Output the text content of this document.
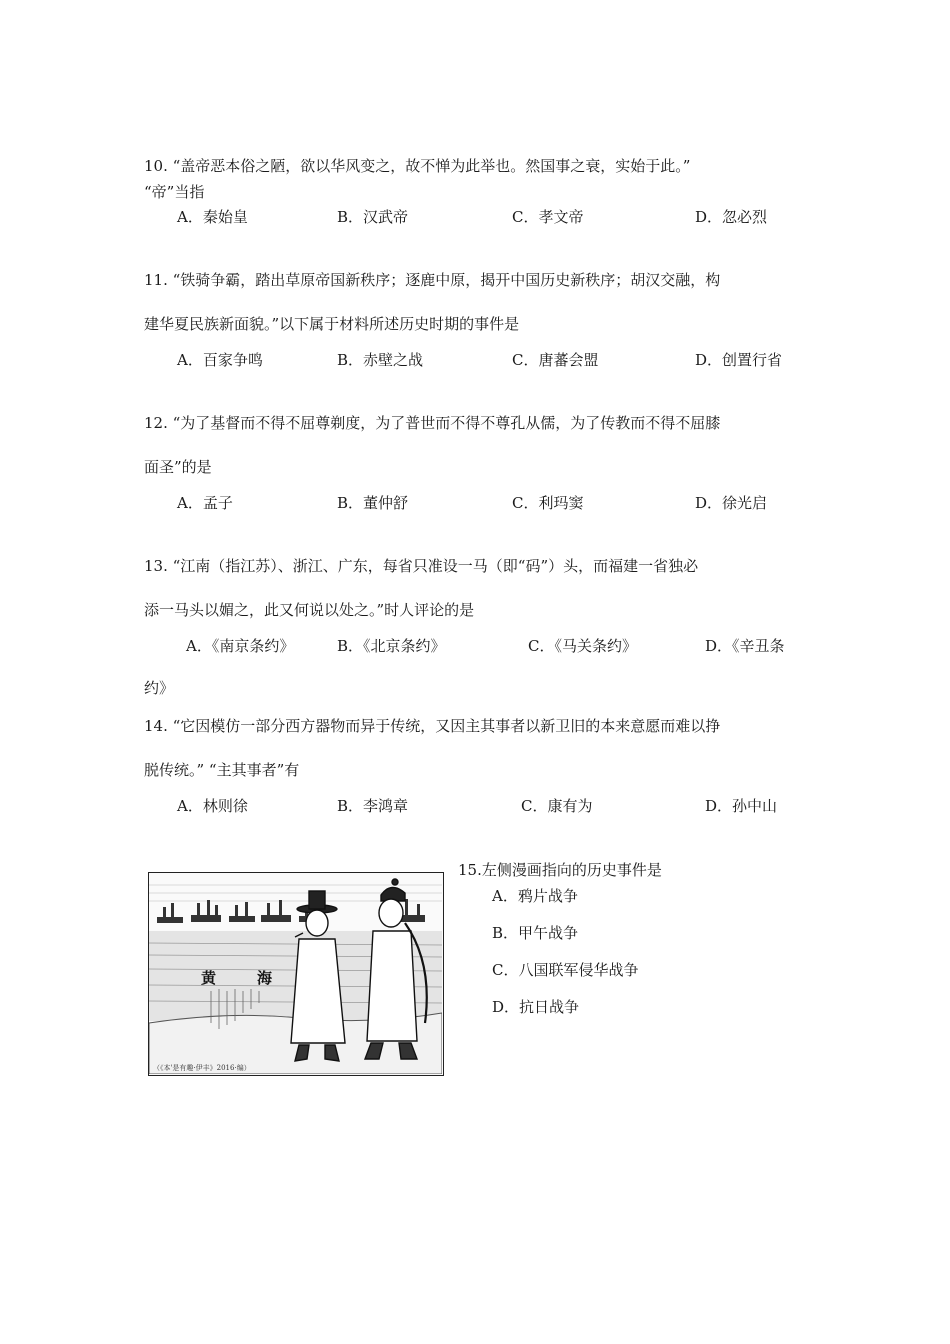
10. “盖帝恶本俗之陋，欲以华风变之，故不惮为此举也。然国事之衰，实始于此。”
“帝”当指
A．秦始皇	B．汉武帝	C．孝文帝	D．忽必烈
11. “铁骑争霸，踏出草原帝国新秩序；逐鹿中原，揭开中国历史新秩序；胡汉交融，构
建华夏民族新面貌。”以下属于材料所述历史时期的事件是
A．百家争鸣	B．赤壁之战	C．唐蕃会盟	D．创置行省
12. “为了基督而不得不屈尊剃度，为了普世而不得不尊孔从儒，为了传教而不得不屈膝
面圣”的是
A．孟子	B．董仲舒	C．利玛窦	D．徐光启
13. “江南（指江苏）、浙江、广东，每省只准设一马（即“码”）头，而福建一省独必
添一马头以媚之，此又何说以处之。”时人评论的是
A．《南京条约》	B．《北京条约》	C．《马关条约》	D．《辛丑条
约》
14. “它因模仿一部分西方器物而异于传统，又因主其事者以新卫旧的本来意愿而难以挣
脱传统。” “主其事者”有
A．林则徐	B．李鸿章	C．康有为	D．孙中山
15.左侧漫画指向的历史事件是
A．鸦片战争
B．甲午战争
C．八国联军侵华战争
D．抗日战争
黄	海
（《本'是有趣·伊丰》2016·编）
